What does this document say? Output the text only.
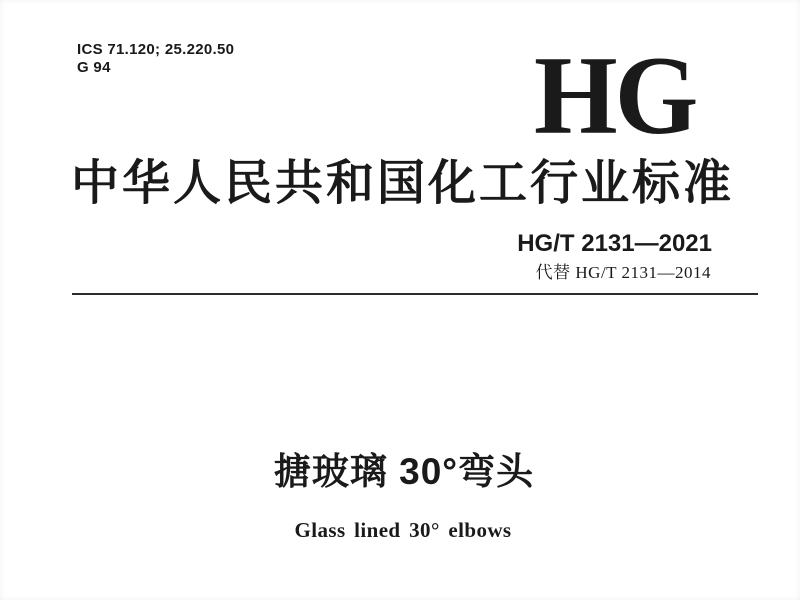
ICS 71.120; 25.220.50
G 94	HG
中华人民共和国化工行业标准
HG/T 2131—2021
代替 HG/T 2131—2014
搪玻璃 30°弯头
Glass lined 30° elbows
